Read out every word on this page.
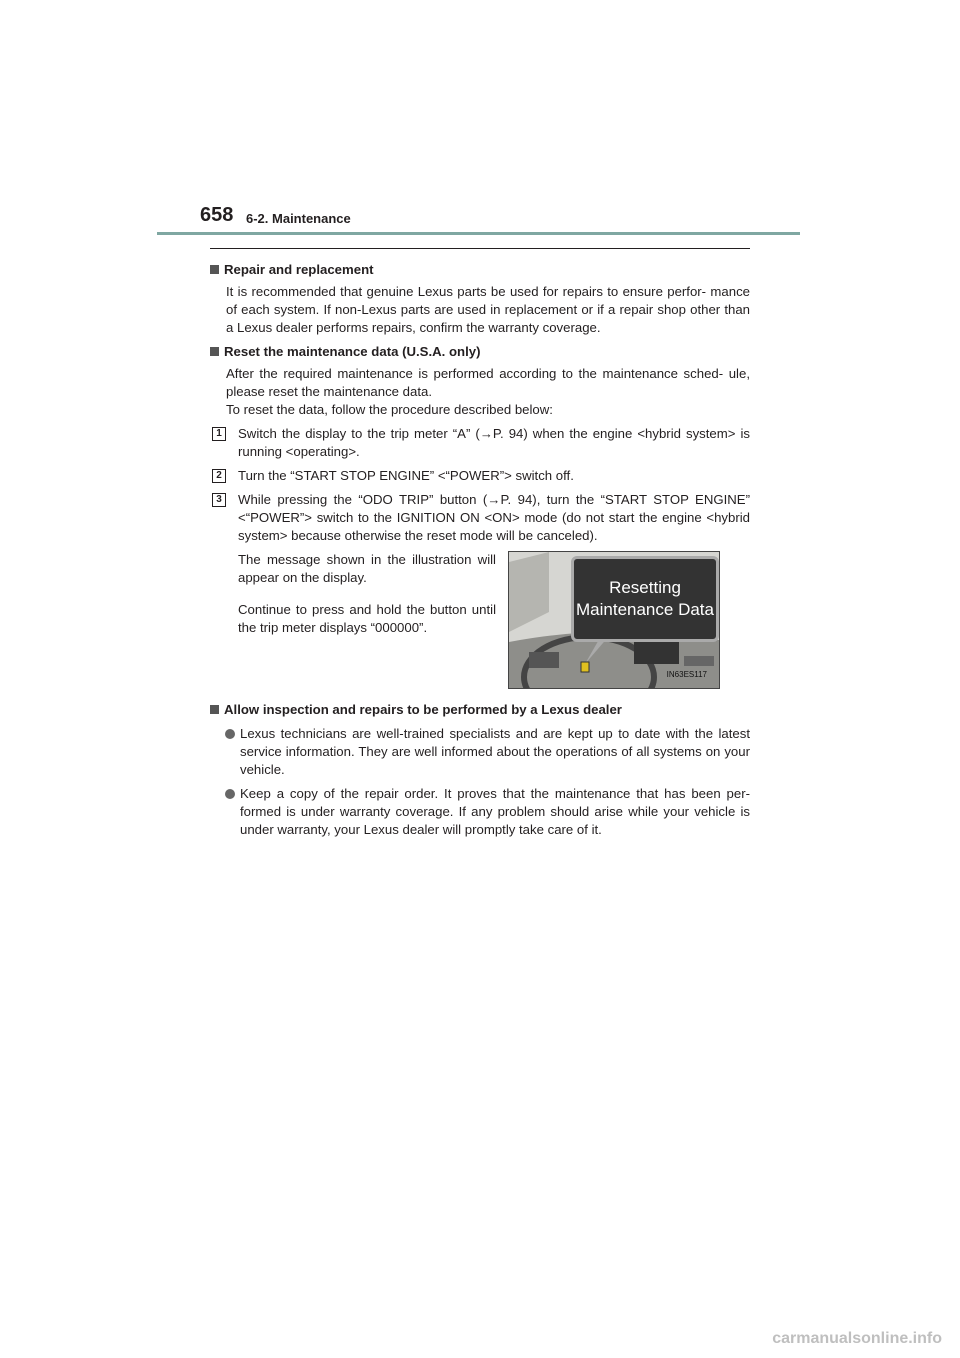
658 6-2. Maintenance

Repair and replacement

It is recommended that genuine Lexus parts be used for repairs to ensure perfor- mance of each system. If non-Lexus parts are used in replacement or if a repair shop other than a Lexus dealer performs repairs, confirm the warranty coverage.

Reset the maintenance data (U.S.A. only)

After the required maintenance is performed according to the maintenance sched- ule, please reset the maintenance data.

To reset the data, follow the procedure described below:

1	Switch the display to the trip meter “A” (→P. 94) when the engine <hybrid system> is running <operating>.
2	Turn the “START STOP ENGINE” <“POWER”> switch off.
3	While pressing the “ODO TRIP” button (→P. 94), turn the “START STOP ENGINE” <“POWER”> switch to the IGNITION ON <ON> mode (do not start the engine <hybrid system> because otherwise the reset mode will be canceled).

The message shown in the illustration will appear on the display.

Continue to press and hold the button until the trip meter displays “000000”.

Resetting Maintenance Data
IN63ES117

Allow inspection and repairs to be performed by a Lexus dealer

Lexus technicians are well-trained specialists and are kept up to date with the latest service information. They are well informed about the operations of all systems on your vehicle.
Keep a copy of the repair order. It proves that the maintenance that has been per- formed is under warranty coverage. If any problem should arise while your vehicle is under warranty, your Lexus dealer will promptly take care of it.
carmanualsonline.info
